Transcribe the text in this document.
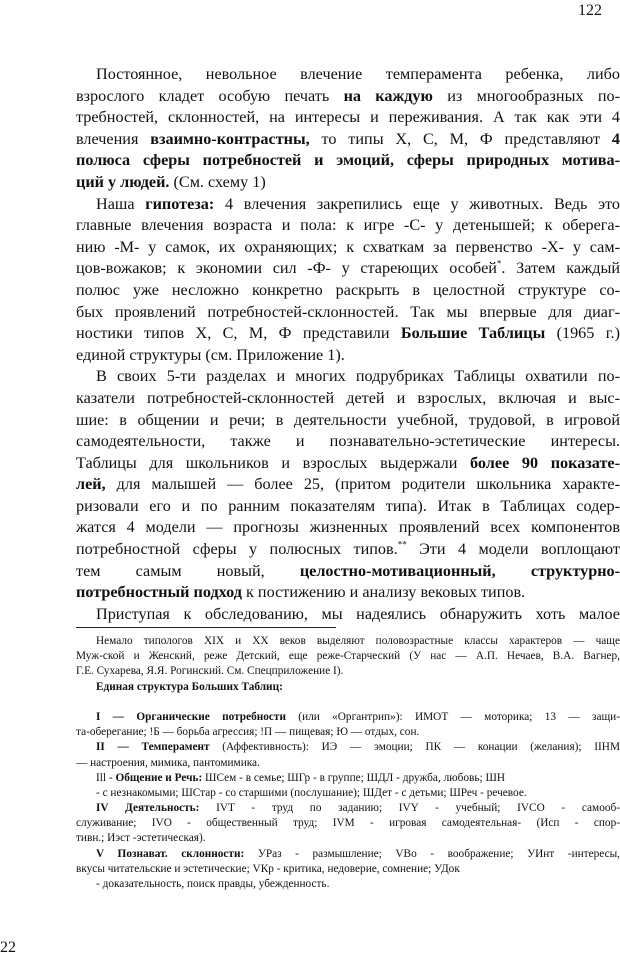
122
Постоянное, невольное влечение темперамента ребенка, либо
взрослого кладет особую печать на каждую из многообразных по-
требностей, склонностей, на интересы и переживания. А так как эти 4
влечения взаимно-контрастны, то типы Х, С, М, Ф представляют 4
полюса сферы потребностей и эмоций, сферы природных мотива-
ций у людей. (См. схему 1)
Наша гипотеза: 4 влечения закрепились еще у животных. Ведь это
главные влечения возраста и пола: к игре -С- у детенышей; к оберега-
нию -М- у самок, их охраняющих; к схваткам за первенство -Х- у сам-
цов-вожаков; к экономии сил -Ф- у стареющих особей*. Затем каждый
полюс уже несложно конкретно раскрыть в целостной структуре со-
бых проявлений потребностей-склонностей. Так мы впервые для диаг-
ностики типов Х, С, М, Ф представили Большие Таблицы (1965 г.)
единой структуры (см. Приложение 1).
В своих 5-ти разделах и многих подрубриках Таблицы охватили по-
казатели потребностей-склонностей детей и взрослых, включая и выс-
шие: в общении и речи; в деятельности учебной, трудовой, в игровой
самодеятельности, также и познавательно-эстетические интересы.
Таблицы для школьников и взрослых выдержали более 90 показате-
лей, для малышей — более 25, (притом родители школьника характе-
ризовали его и по ранним показателям типа). Итак в Таблицах содер-
жатся 4 модели — прогнозы жизненных проявлений всех компонентов
потребностной сферы у полюсных типов.** Эти 4 модели воплощают
тем самым новый, целостно-мотивационный, структурно-
потребностный подход к постижению и анализу вековых типов.
Приступая к обследованию, мы надеялись обнаружить хоть малое
Немало типологов XIX и XX веков выделяют половозрастные классы характеров — чаще
Муж-ской и Женский, реже Детский, еще реже-Старческий (У нас — А.П. Нечаев, В.А. Вагнер,
Г.Е. Сухарева, Я.Я. Рогинский. См. Спецприложение I).
Единая структура Больших Таблиц:
I — Органические потребности (или «Органтрип»): ИМОТ — моторика; 13 — защи-
та-оберегание; !Б — борьба агрессия; !П — пищевая; Ю — отдых, сон.
II — Темперамент (Аффективность): ИЭ — эмоции; ПК — конации (желания); ΙΙΗΜ
— настроения, мимика, пантомимика.
Ill - Общение и Речь: ШСем - в семье; ШГр - в группе; ШДЛ - дружба, любовь; ШН
- с незнакомыми; ШСтар - со старшими (послушание); ШДет - с детьми; ШРеч - речевое.
IV Деятельность: IVT - труд по заданию; IVY - учебный; IVCO - самооб-
служивание; IVO - общественный труд; IVM - игровая самодеятельная- (Исп - спор-
тивн.; Иэст -эстетическая).
V Познават. склонности: УРаз - размышление; VBo - воображение; УИнт -интересы,
вкусы читательские и эстетические; VКр - критика, недоверие, сомнение; УДок
- доказательность, поиск правды, убежденность.
22
